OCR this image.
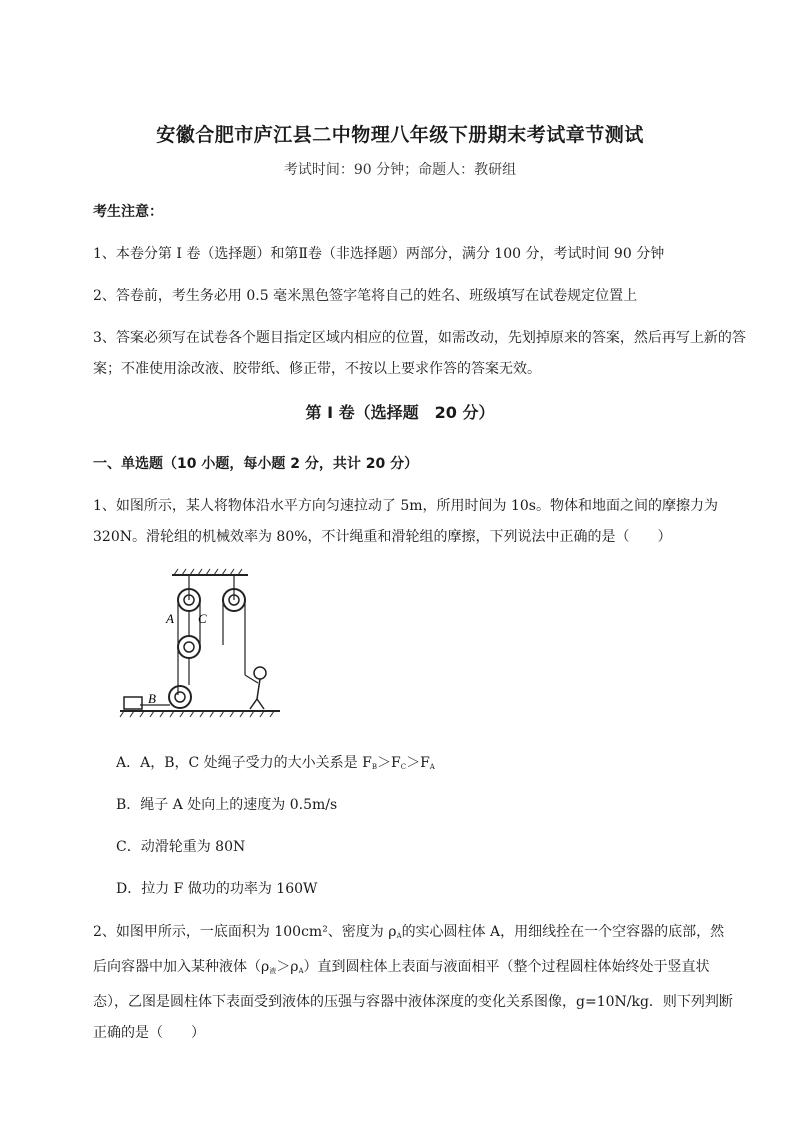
安徽合肥市庐江县二中物理八年级下册期末考试章节测试
考试时间：90 分钟；命题人：教研组
考生注意：
1、本卷分第 I 卷（选择题）和第Ⅱ卷（非选择题）两部分，满分 100 分，考试时间 90 分钟
2、答卷前，考生务必用 0.5 毫米黑色签字笔将自己的姓名、班级填写在试卷规定位置上
3、答案必须写在试卷各个题目指定区域内相应的位置，如需改动，先划掉原来的答案，然后再写上新的答案；不准使用涂改液、胶带纸、修正带，不按以上要求作答的答案无效。
第 I 卷（选择题　20 分）
一、单选题（10 小题，每小题 2 分，共计 20 分）
1、如图所示，某人将物体沿水平方向匀速拉动了 5m，所用时间为 10s。物体和地面之间的摩擦力为 320N。滑轮组的机械效率为 80%，不计绳重和滑轮组的摩擦，下列说法中正确的是（　　）
A C
B
A．A，B，C 处绳子受力的大小关系是 $F_B>F_C>F_A$
B．绳子 A 处向上的速度为 0.5m/s
C．动滑轮重为 80N
D．拉力 F 做功的功率为 160W
2、如图甲所示，一底面积为 100cm²、密度为 $\rho_A$的实心圆柱体 A，用细线拴在一个空容器的底部，然
后向容器中加入某种液体$(\rho_液>\rho_A)$直到圆柱体上表面与液面相平（整个过程圆柱体始终处于竖直状
态），乙图是圆柱体下表面受到液体的压强与容器中液体深度的变化关系图像，g=10N/kg．则下列判断
正确的是（　　）
